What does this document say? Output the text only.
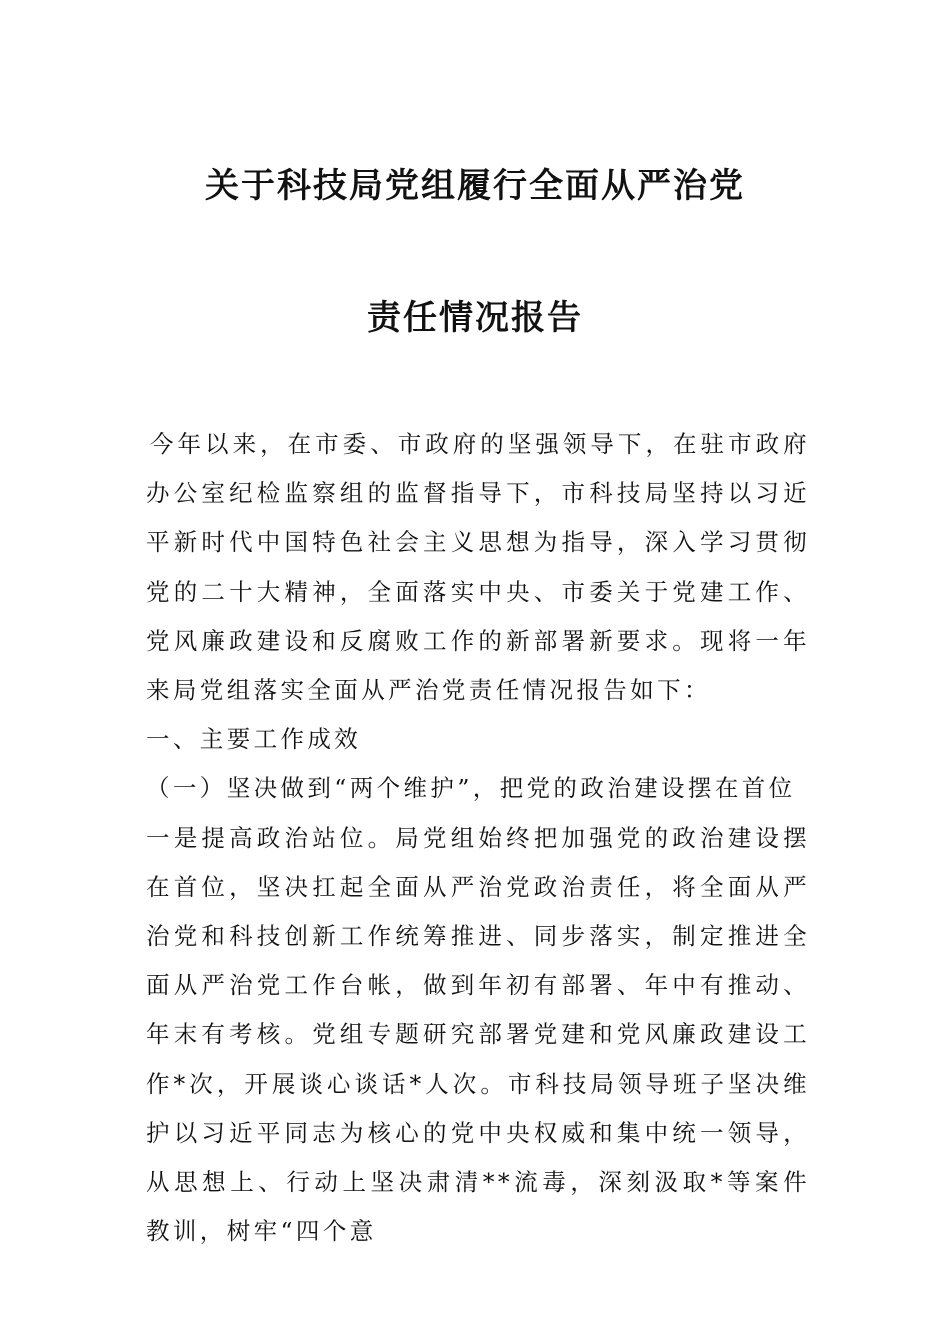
关于科技局党组履行全面从严治党
责任情况报告

今年以来，在市委、市政府的坚强领导下，在驻市政府办公室纪检监察组的监督指导下，市科技局坚持以习近平新时代中国特色社会主义思想为指导，深入学习贯彻党的二十大精神，全面落实中央、市委关于党建工作、党风廉政建设和反腐败工作的新部署新要求。现将一年来局党组落实全面从严治党责任情况报告如下：

一、主要工作成效

（一）坚决做到“两个维护”，把党的政治建设摆在首位

一是提高政治站位。局党组始终把加强党的政治建设摆在首位，坚决扛起全面从严治党政治责任，将全面从严治党和科技创新工作统筹推进、同步落实，制定推进全面从严治党工作台帐，做到年初有部署、年中有推动、年末有考核。党组专题研究部署党建和党风廉政建设工作*次，开展谈心谈话*人次。市科技局领导班子坚决维护以习近平同志为核心的党中央权威和集中统一领导，从思想上、行动上坚决肃清**流毒，深刻汲取*等案件教训，树牢“四个意
